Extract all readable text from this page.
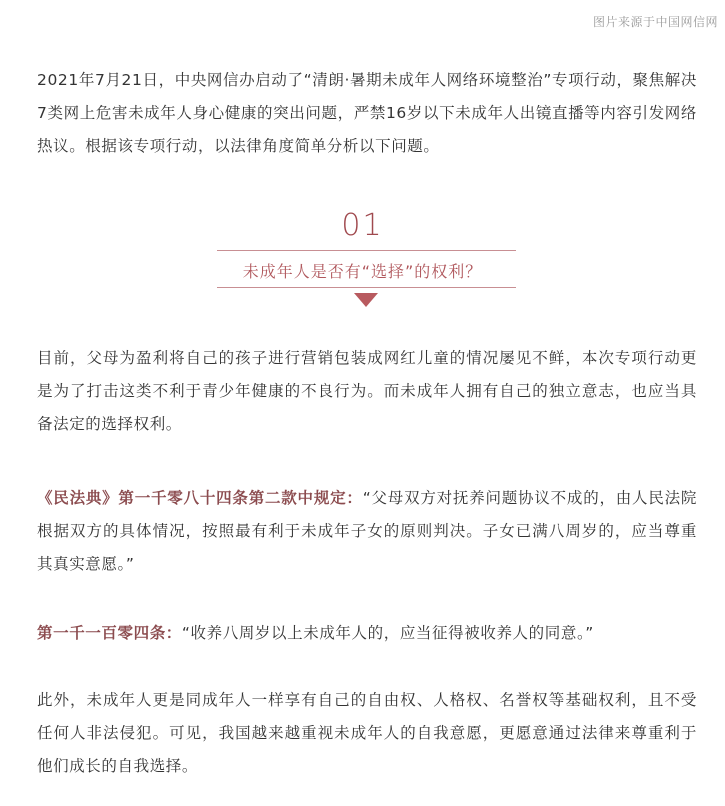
图片来源于中国网信网

2021年7月21日，中央网信办启动了“清朗·暑期未成年人网络环境整治”专项行动，聚焦解决7类网上危害未成年人身心健康的突出问题，严禁16岁以下未成年人出镜直播等内容引发网络热议。根据该专项行动，以法律角度简单分析以下问题。

01
未成年人是否有“选择”的权利？

目前，父母为盈利将自己的孩子进行营销包装成网红儿童的情况屡见不鲜，本次专项行动更是为了打击这类不利于青少年健康的不良行为。而未成年人拥有自己的独立意志，也应当具备法定的选择权利。

《民法典》第一千零八十四条第二款中规定：“父母双方对抚养问题协议不成的，由人民法院根据双方的具体情况，按照最有利于未成年子女的原则判决。子女已满八周岁的，应当尊重其真实意愿。”

第一千一百零四条：“收养八周岁以上未成年人的，应当征得被收养人的同意。”

此外，未成年人更是同成年人一样享有自己的自由权、人格权、名誉权等基础权利，且不受任何人非法侵犯。可见，我国越来越重视未成年人的自我意愿，更愿意通过法律来尊重利于他们成长的自我选择。
